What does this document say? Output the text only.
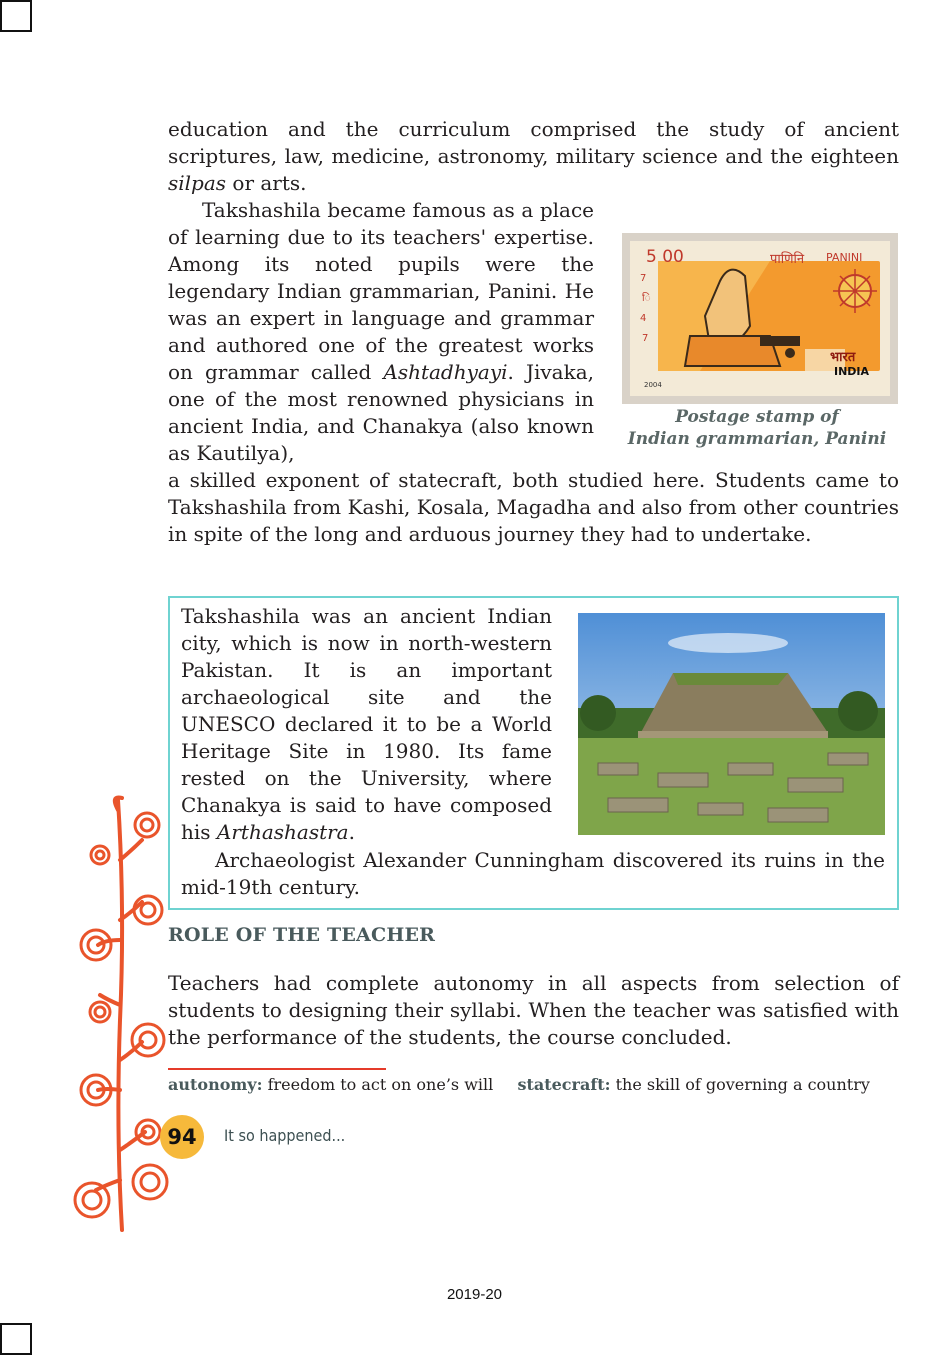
education and the curriculum comprised the study of ancient scriptures, law, medicine, astronomy, military science and the eighteen silpas or arts.

Takshashila became famous as a place of learning due to its teachers' expertise. Among its noted pupils were the legendary Indian grammarian, Panini. He was an expert in language and grammar and authored one of the greatest works on grammar called Ashtadhyayi. Jivaka, one of the most renowned physicians in ancient India, and Chanakya (also known as Kautilya),

7
ि
4
7
5 00	पाणिनि PANINI
भारत
INDIA
2004
Postage stamp of
Indian grammarian, Panini

a skilled exponent of statecraft, both studied here. Students came to Takshashila from Kashi, Kosala, Magadha and also from other countries in spite of the long and arduous journey they had to undertake.

Takshashila was an ancient Indian city, which is now in north-western Pakistan. It is an important archaeological site and the UNESCO declared it to be a World Heritage Site in 1980. Its fame rested on the University, where Chanakya is said to have composed his Arthashastra.

Archaeologist Alexander Cunningham discovered its ruins in the mid-19th century.

ROLE OF THE TEACHER

Teachers had complete autonomy in all aspects from selection of students to designing their syllabi. When the teacher was satisfied with the performance of the students, the course concluded.

autonomy: freedom to act on one’s will statecraft: the skill of governing a country
94	It so happened...
2019-20
